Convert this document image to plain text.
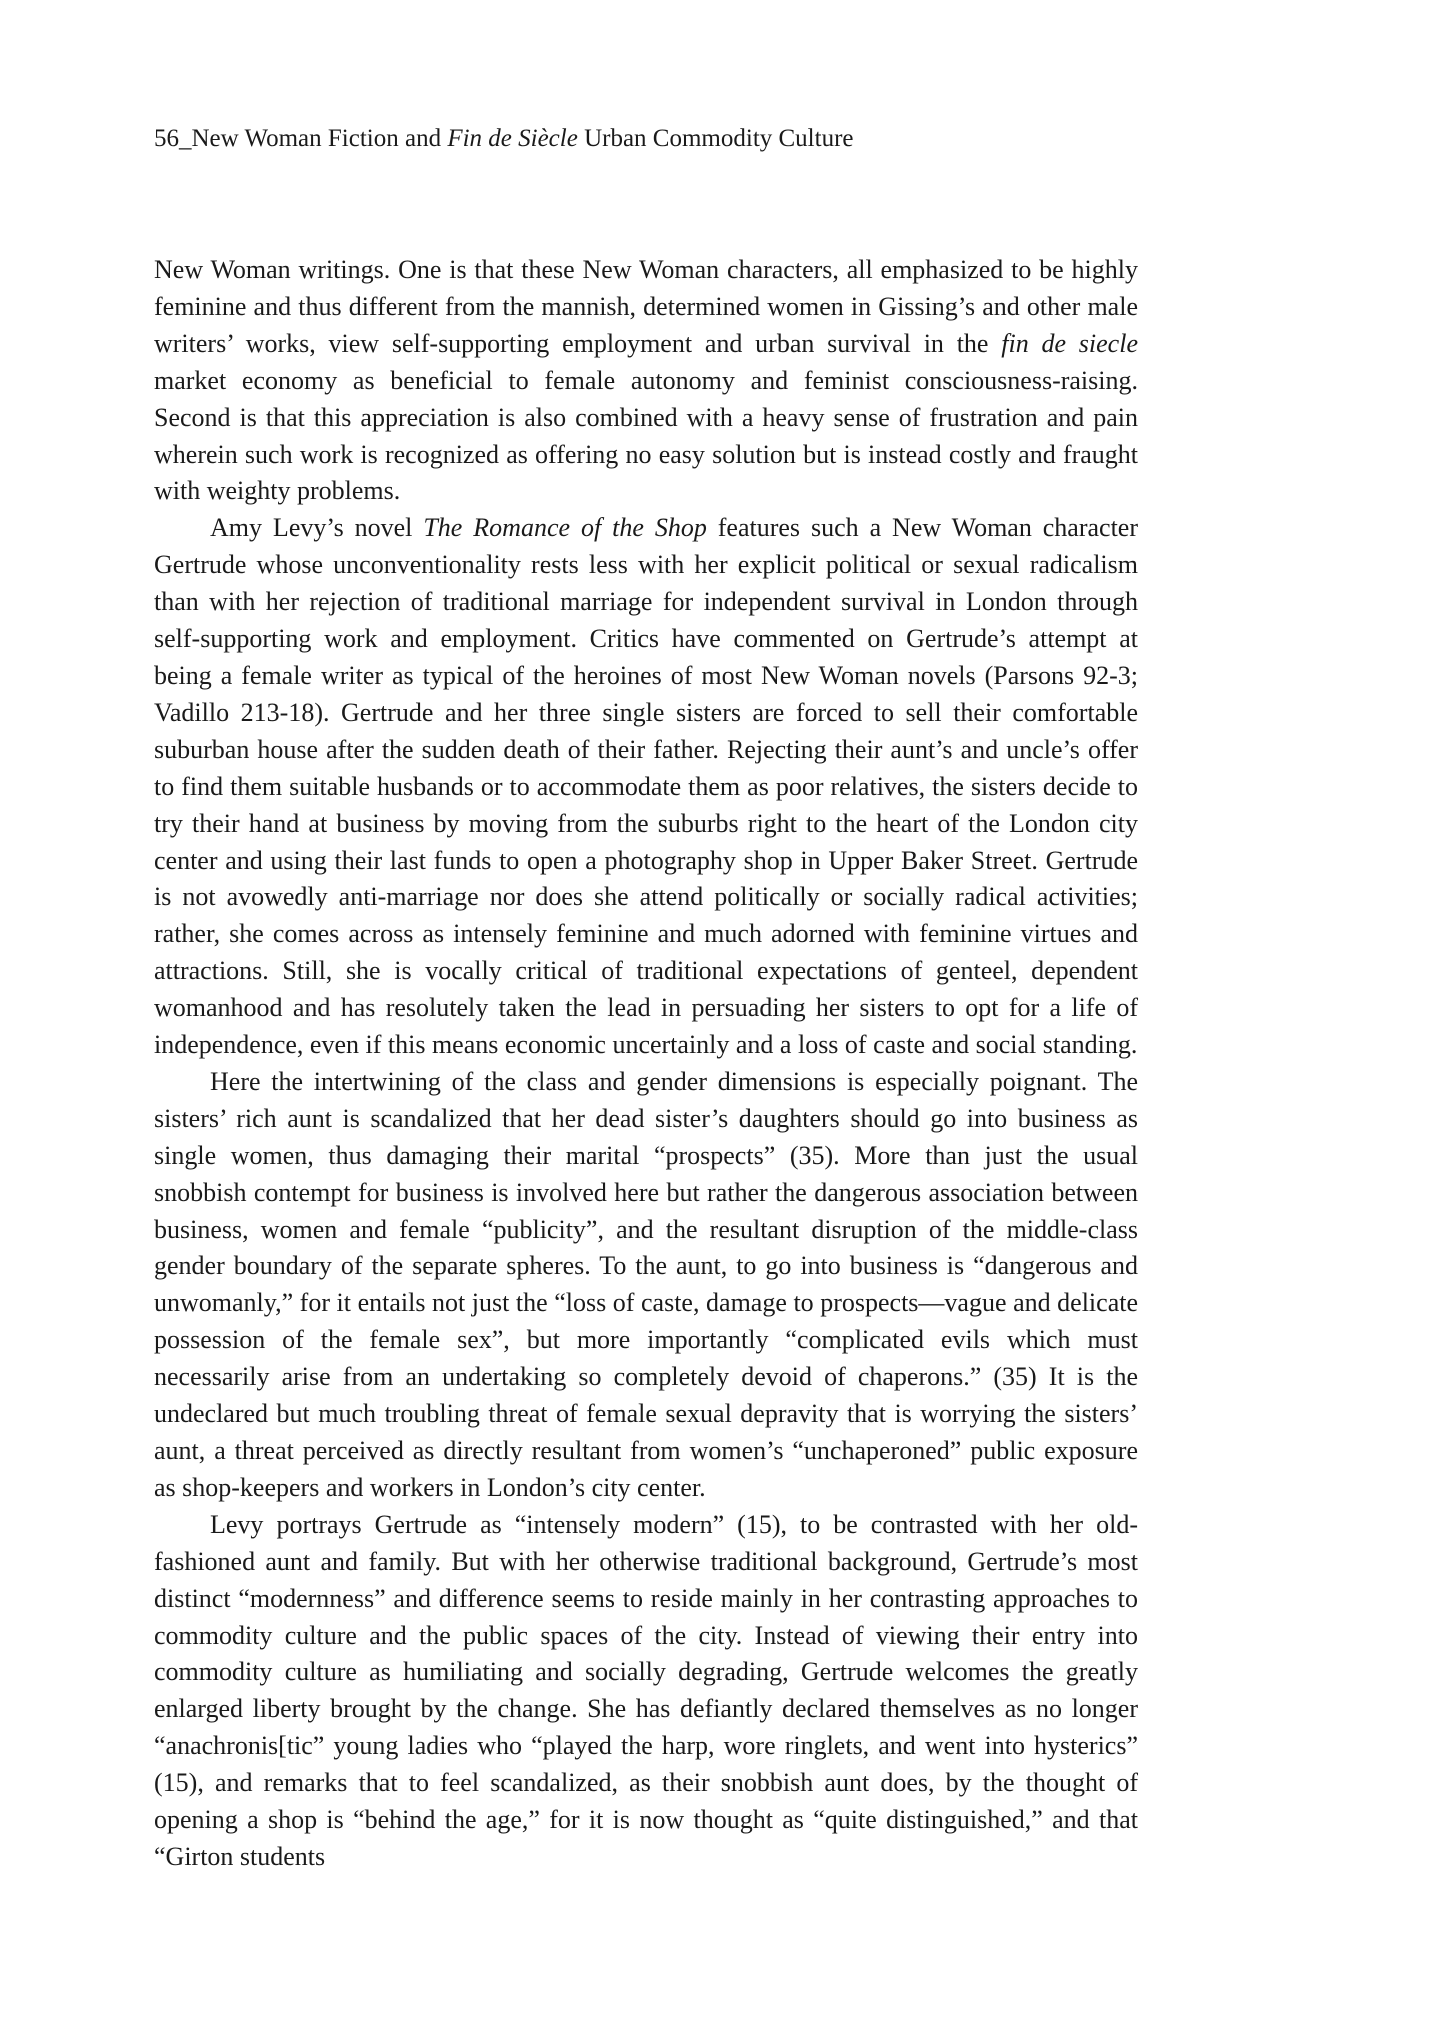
56_New Woman Fiction and Fin de Siècle Urban Commodity Culture

New Woman writings. One is that these New Woman characters, all emphasized to be highly feminine and thus different from the mannish, determined women in Gissing’s and other male writers’ works, view self-supporting employment and urban survival in the fin de siecle market economy as beneficial to female autonomy and feminist consciousness-raising. Second is that this appreciation is also combined with a heavy sense of frustration and pain wherein such work is recognized as offering no easy solution but is instead costly and fraught with weighty problems.

Amy Levy’s novel The Romance of the Shop features such a New Woman character Gertrude whose unconventionality rests less with her explicit political or sexual radicalism than with her rejection of traditional marriage for independent survival in London through self-supporting work and employment. Critics have commented on Gertrude’s attempt at being a female writer as typical of the heroines of most New Woman novels (Parsons 92-3; Vadillo 213-18). Gertrude and her three single sisters are forced to sell their comfortable suburban house after the sudden death of their father. Rejecting their aunt’s and uncle’s offer to find them suitable husbands or to accommodate them as poor relatives, the sisters decide to try their hand at business by moving from the suburbs right to the heart of the London city center and using their last funds to open a photography shop in Upper Baker Street. Gertrude is not avowedly anti-marriage nor does she attend politically or socially radical activities; rather, she comes across as intensely feminine and much adorned with feminine virtues and attractions. Still, she is vocally critical of traditional expectations of genteel, dependent womanhood and has resolutely taken the lead in persuading her sisters to opt for a life of independence, even if this means economic uncertainly and a loss of caste and social standing.

Here the intertwining of the class and gender dimensions is especially poignant. The sisters’ rich aunt is scandalized that her dead sister’s daughters should go into business as single women, thus damaging their marital “prospects” (35). More than just the usual snobbish contempt for business is involved here but rather the dangerous association between business, women and female “publicity”, and the resultant disruption of the middle-class gender boundary of the separate spheres. To the aunt, to go into business is “dangerous and unwomanly,” for it entails not just the “loss of caste, damage to prospects—vague and delicate possession of the female sex”, but more importantly “complicated evils which must necessarily arise from an undertaking so completely devoid of chaperons.” (35) It is the undeclared but much troubling threat of female sexual depravity that is worrying the sisters’ aunt, a threat perceived as directly resultant from women’s “unchaperoned” public exposure as shop-keepers and workers in London’s city center.

Levy portrays Gertrude as “intensely modern” (15), to be contrasted with her old-fashioned aunt and family. But with her otherwise traditional background, Gertrude’s most distinct “modernness” and difference seems to reside mainly in her contrasting approaches to commodity culture and the public spaces of the city. Instead of viewing their entry into commodity culture as humiliating and socially degrading, Gertrude welcomes the greatly enlarged liberty brought by the change. She has defiantly declared themselves as no longer “anachronis[tic” young ladies who “played the harp, wore ringlets, and went into hysterics” (15), and remarks that to feel scandalized, as their snobbish aunt does, by the thought of opening a shop is “behind the age,” for it is now thought as “quite distinguished,” and that “Girton students
